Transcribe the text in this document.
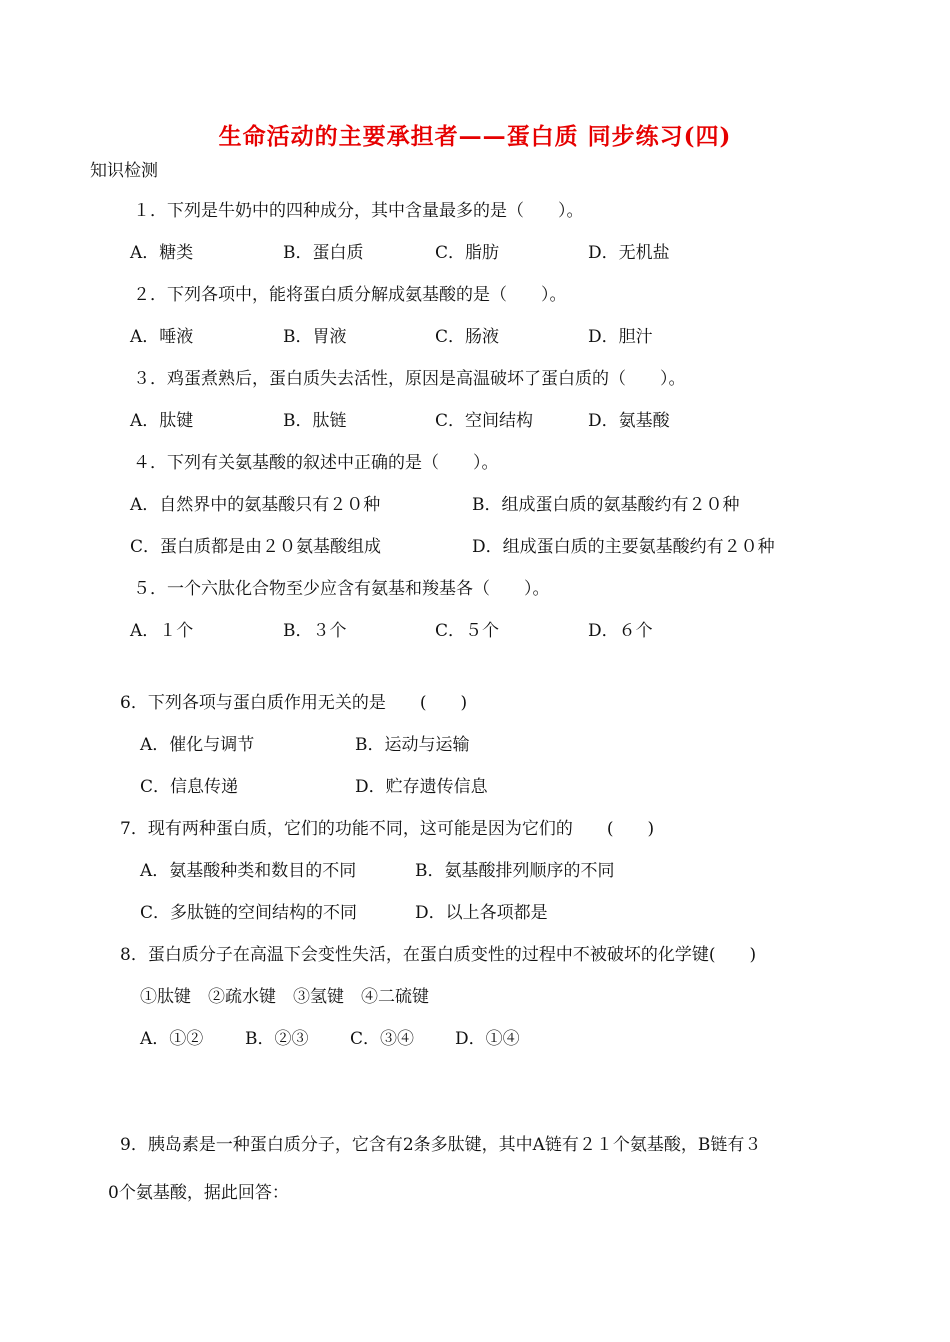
生命活动的主要承担者——蛋白质 同步练习(四)
知识检测
１．下列是牛奶中的四种成分，其中含量最多的是（　　）。
A．糖类	B．蛋白质	C．脂肪	D．无机盐
２．下列各项中，能将蛋白质分解成氨基酸的是（　　）。
A．唾液	B．胃液	C．肠液	D．胆汁
３．鸡蛋煮熟后，蛋白质失去活性，原因是高温破坏了蛋白质的（　　）。
A．肽键	B．肽链	C．空间结构	D．氨基酸
４．下列有关氨基酸的叙述中正确的是（　　）。
A．自然界中的氨基酸只有２０种	B．组成蛋白质的氨基酸约有２０种
C．蛋白质都是由２０氨基酸组成	D．组成蛋白质的主要氨基酸约有２０种
５．一个六肽化合物至少应含有氨基和羧基各（　　）。
A．１个	B．３个	C．５个	D．６个
6．下列各项与蛋白质作用无关的是　　(　　)
A．催化与调节	B．运动与运输
C．信息传递	D．贮存遗传信息
7．现有两种蛋白质，它们的功能不同，这可能是因为它们的　　(　　)
A．氨基酸种类和数目的不同	B．氨基酸排列顺序的不同
C．多肽链的空间结构的不同	D．以上各项都是
8．蛋白质分子在高温下会变性失活，在蛋白质变性的过程中不被破坏的化学键(　　)
①肽键　②疏水键　③氢键　④二硫键
A．①② B．②③ C．③④ D．①④
9．胰岛素是一种蛋白质分子，它含有2条多肽键，其中A链有２１个氨基酸，B链有３
0个氨基酸，据此回答：
